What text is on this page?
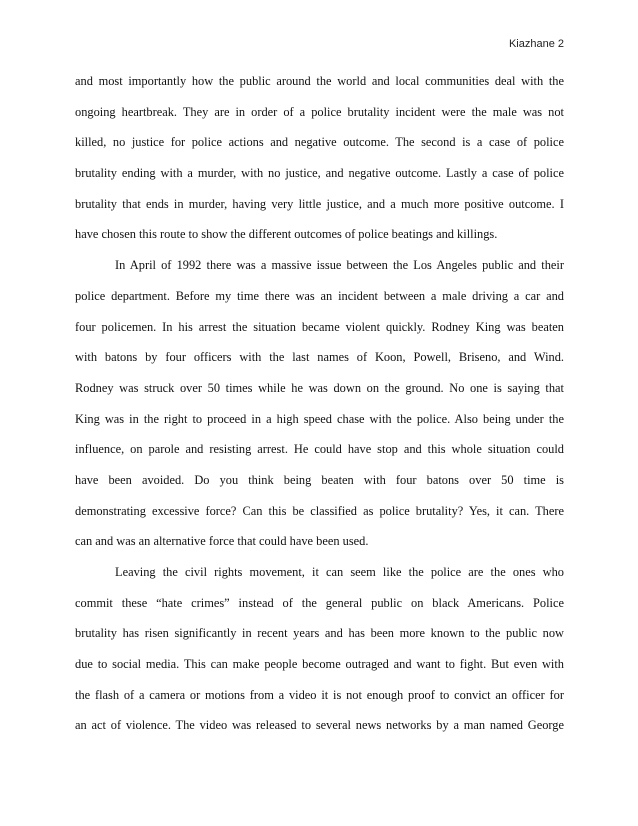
Kiazhane 2
and most importantly how the public around the world and local communities deal with the
ongoing heartbreak. They are in order of a police brutality incident were the male was not
killed, no justice for police actions and negative outcome. The second is a case of police
brutality ending with a murder, with no justice, and negative outcome. Lastly a case of police
brutality that ends in murder, having very little justice, and a much more positive outcome. I
have chosen this route to show the different outcomes of police beatings and killings.
In April of 1992 there was a massive issue between the Los Angeles public and their
police department. Before my time there was an incident between a male driving a car and
four policemen. In his arrest the situation became violent quickly. Rodney King was beaten
with batons by four officers with the last names of Koon, Powell, Briseno, and Wind.
Rodney was struck over 50 times while he was down on the ground. No one is saying that
King was in the right to proceed in a high speed chase with the police. Also being under the
influence, on parole and resisting arrest. He could have stop and this whole situation could
have been avoided. Do you think being beaten with four batons over 50 time is
demonstrating excessive force? Can this be classified as police brutality? Yes, it can. There
can and was an alternative force that could have been used.
Leaving the civil rights movement, it can seem like the police are the ones who
commit these “hate crimes” instead of the general public on black Americans. Police
brutality has risen significantly in recent years and has been more known to the public now
due to social media. This can make people become outraged and want to fight. But even with
the flash of a camera or motions from a video it is not enough proof to convict an officer for
an act of violence. The video was released to several news networks by a man named George
